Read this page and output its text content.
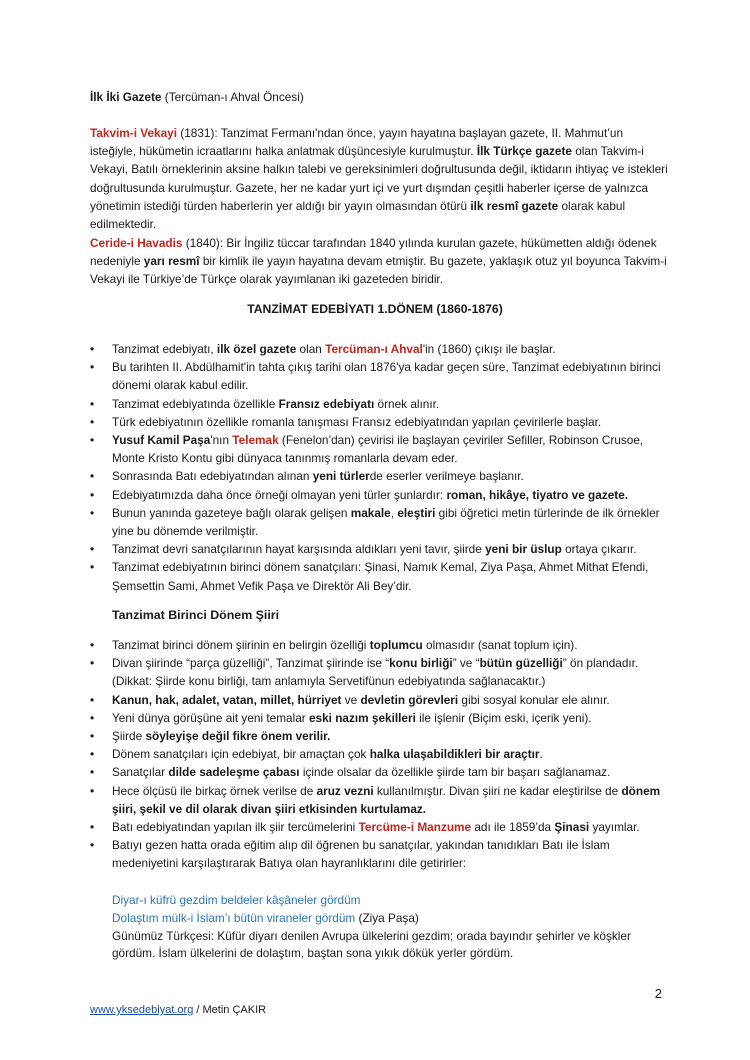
İlk İki Gazete (Tercüman-ı Ahval Öncesi)
Takvim-i Vekayi (1831): Tanzimat Fermanı'ndan önce, yayın hayatına başlayan gazete, II. Mahmut’un isteğiyle, hükümetin icraatlarını halka anlatmak düşüncesiyle kurulmuştur. İlk Türkçe gazete olan Takvim-i Vekayi, Batılı örneklerinin aksine halkın talebi ve gereksinimleri doğrultusunda değil, iktidarın ihtiyaç ve istekleri doğrultusunda kurulmuştur. Gazete, her ne kadar yurt içi ve yurt dışından çeşitli haberler içerse de yalnızca yönetimin istediği türden haberlerin yer aldığı bir yayın olmasından ötürü ilk resmî gazete olarak kabul edilmektedir.
Ceride-i Havadis (1840): Bir İngiliz tüccar tarafından 1840 yılında kurulan gazete, hükümetten aldığı ödenek nedeniyle yarı resmî bir kimlik ile yayın hayatına devam etmiştir. Bu gazete, yaklaşık otuz yıl boyunca Takvim-i Vekayi ile Türkiye’de Türkçe olarak yayımlanan iki gazeteden biridir.
TANZİMAT EDEBİYATI 1.DÖNEM (1860-1876)
• Tanzimat edebiyatı, ilk özel gazete olan Tercüman-ı Ahval'in (1860) çıkışı ile başlar.
• Bu tarihten II. Abdülhamit'in tahta çıkış tarihi olan 1876'ya kadar geçen süre, Tanzimat edebiyatının birinci dönemi olarak kabul edilir.
• Tanzimat edebiyatında özellikle Fransız edebiyatı örnek alınır.
• Türk edebiyatının özellikle romanla tanışması Fransız edebiyatından yapılan çevirilerle başlar.
• Yusuf Kamil Paşa'nın Telemak (Fenelon’dan) çevirisi ile başlayan çeviriler Sefiller, Robinson Crusoe, Monte Kristo Kontu gibi dünyaca tanınmış romanlarla devam eder.
• Sonrasında Batı edebiyatından alınan yeni türlerde eserler verilmeye başlanır.
• Edebiyatımızda daha önce örneği olmayan yeni türler şunlardır: roman, hikâye, tiyatro ve gazete.
• Bunun yanında gazeteye bağlı olarak gelişen makale, eleştiri gibi öğretici metin türlerinde de ilk örnekler yine bu dönemde verilmiştir.
• Tanzimat devri sanatçılarının hayat karşısında aldıkları yeni tavır, şiirde yeni bir üslup ortaya çıkarır.
• Tanzimat edebiyatının birinci dönem sanatçıları: Şinasi, Namık Kemal, Ziya Paşa, Ahmet Mithat Efendi, Şemsettin Sami, Ahmet Vefik Paşa ve Direktör Ali Bey’dir.
Tanzimat Birinci Dönem Şiiri
• Tanzimat birinci dönem şiirinin en belirgin özelliği toplumcu olmasıdır (sanat toplum için).
• Divan şiirinde “parça güzelliği”, Tanzimat şiirinde ise “konu birliği” ve “bütün güzelliği” ön plandadır. (Dikkat: Şiirde konu birliği, tam anlamıyla Servetifünun edebiyatında sağlanacaktır.)
• Kanun, hak, adalet, vatan, millet, hürriyet ve devletin görevleri gibi sosyal konular ele alınır.
• Yeni dünya görüşüne ait yeni temalar eski nazım şekilleri ile işlenir (Biçim eski, içerik yeni).
• Şiirde söyleyişe değil fikre önem verilir.
• Dönem sanatçıları için edebiyat, bir amaçtan çok halka ulaşabildikleri bir araçtır.
• Sanatçılar dilde sadeleşme çabası içinde olsalar da özellikle şiirde tam bir başarı sağlanamaz.
• Hece ölçüsü ile birkaç örnek verilse de aruz vezni kullanılmıştır. Divan şiiri ne kadar eleştirilse de dönem şiiri, şekil ve dil olarak divan şiiri etkisinden kurtulamaz.
• Batı edebiyatından yapılan ilk şiir tercümelerini Tercüme-i Manzume adı ile 1859’da Şinasi yayımlar.
• Batıyı gezen hatta orada eğitim alıp dil öğrenen bu sanatçılar, yakından tanıdıkları Batı ile İslam medeniyetini karşılaştırarak Batıya olan hayranlıklarını dile getirirler:
Diyar-ı küfrü gezdim beldeler kâşâneler gördüm
Dolaştım mülk-i İslam’ı bütün viraneler gördüm (Ziya Paşa)
Günümüz Türkçesi: Küfür diyarı denilen Avrupa ülkelerini gezdim; orada bayındır şehirler ve köşkler gördüm. İslam ülkelerini de dolaştım, baştan sona yıkık dökük yerler gördüm.
2
www.yksedebiyat.org / Metin ÇAKIR
